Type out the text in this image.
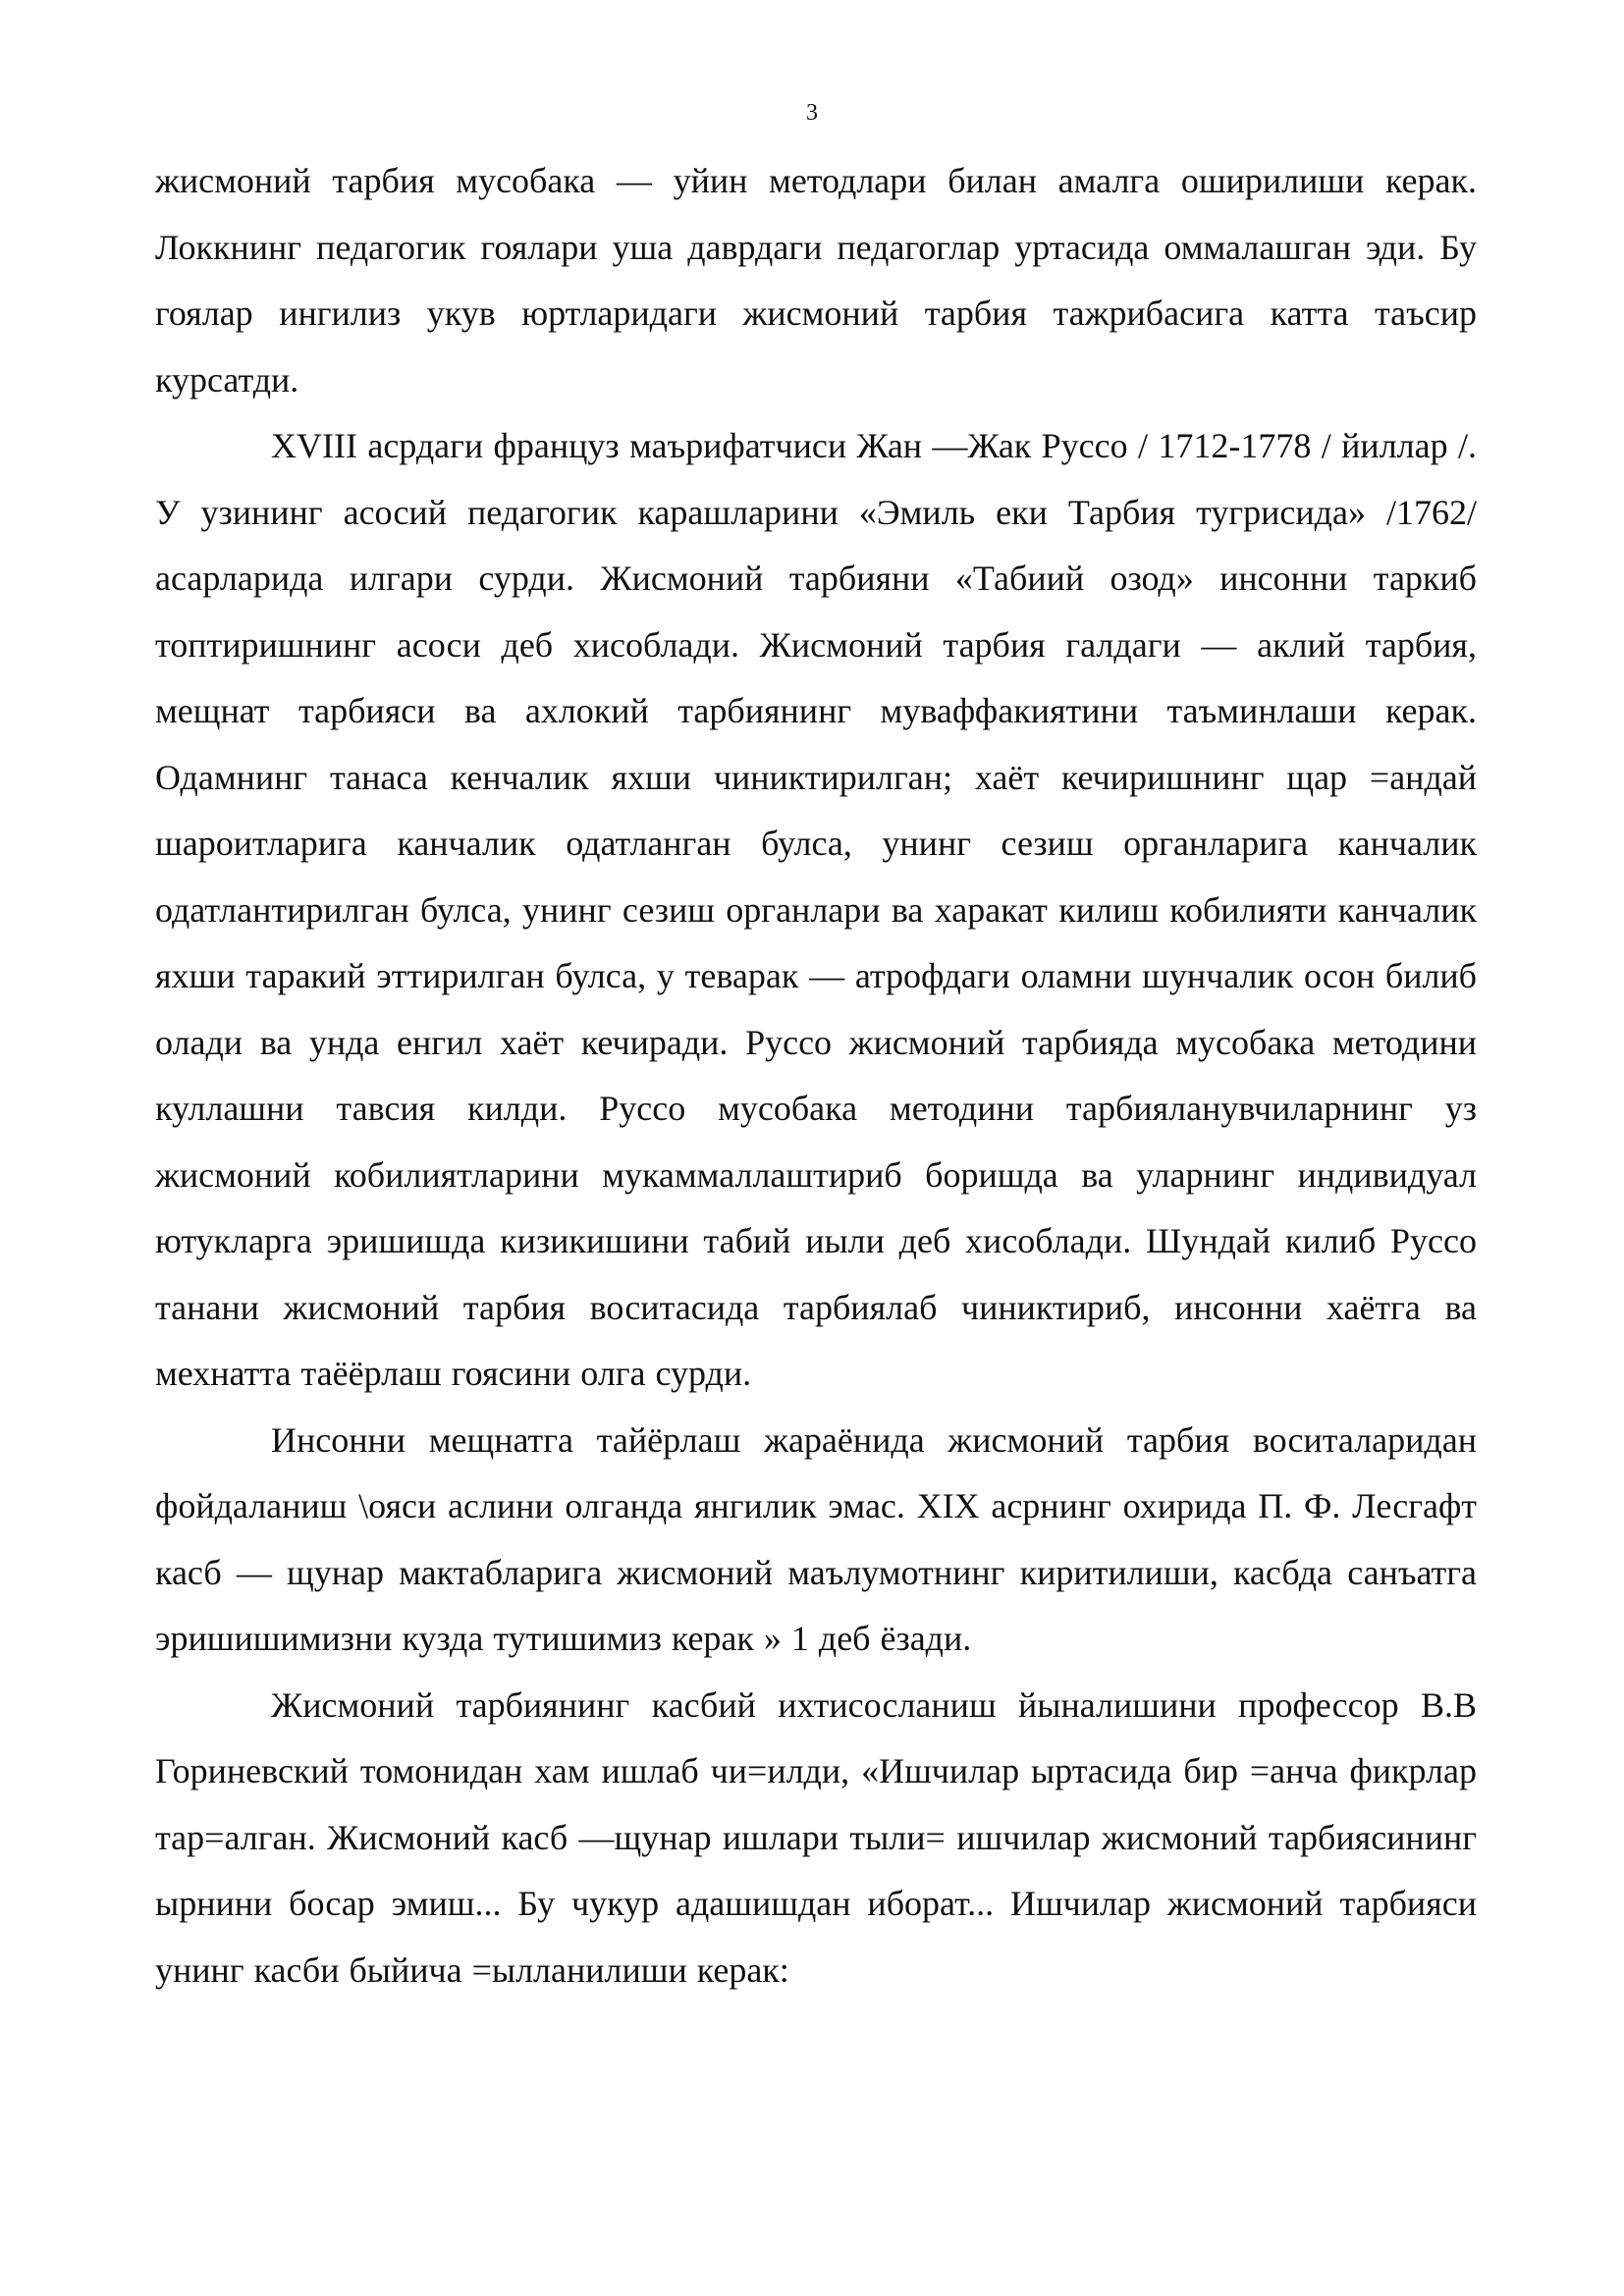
3

жисмоний тарбия мусобака — уйин методлари билан амалга оширилиши керак. Локкнинг педагогик гоялари уша даврдаги педагоглар уртасида оммалашган эди. Бу гоялар ингилиз укув юртларидаги жисмоний тарбия тажрибасига катта таъсир курсатди.

XVIII асрдаги француз маърифатчиси Жан —Жак Руссо / 1712-1778 / йиллар /. У узининг асосий педагогик карашларини «Эмиль еки Тарбия тугрисида» /1762/ асарларида илгари сурди. Жисмоний тарбияни «Табиий озод» инсонни таркиб топтиришнинг асоси деб хисоблади. Жисмоний тарбия галдаги — аклий тарбия, мещнат тарбияси ва ахлокий тарбиянинг муваффакиятини таъминлаши керак. Одамнинг танаса кенчалик яхши чиниктирилган; хаёт кечиришнинг щар =андай шароитларига канчалик одатланган булса, унинг сезиш органларига канчалик одатлантирилган булса, унинг сезиш органлари ва харакат килиш кобилияти канчалик яхши таракий эттирилган булса, у теварак — атрофдаги оламни шунчалик осон билиб олади ва унда енгил хаёт кечиради. Руссо жисмоний тарбияда мусобака методини куллашни тавсия килди. Руссо мусобака методини тарбияланувчиларнинг уз жисмоний кобилиятларини мукаммаллаштириб боришда ва уларнинг индивидуал ютукларга эришишда кизикишини табий иыли деб хисоблади. Шундай килиб Руссо танани жисмоний тарбия воситасида тарбиялаб чиниктириб, инсонни хаётга ва мехнатта таёёрлаш гоясини олга сурди.

Инсонни мещнатга тайёрлаш жараёнида жисмоний тарбия воситаларидан фойдаланиш \ояси аслини олганда янгилик эмас. XIX асрнинг охирида П. Ф. Лесгафт касб — щунар мактабларига жисмоний маълумотнинг киритилиши, касбда санъатга эришишимизни кузда тутишимиз керак » 1 деб ёзади.

Жисмоний тарбиянинг касбий ихтисосланиш йыналишини профессор В.В Гориневский томонидан хам ишлаб чи=илди, «Ишчилар ыртасида бир =анча фикрлар тар=алган. Жисмоний касб —щунар ишлари тыли= ишчилар жисмоний тарбиясининг ырнини босар эмиш... Бу чукур адашишдан иборат... Ишчилар жисмоний тарбияси унинг касби быйича =ылланилиши керак:
